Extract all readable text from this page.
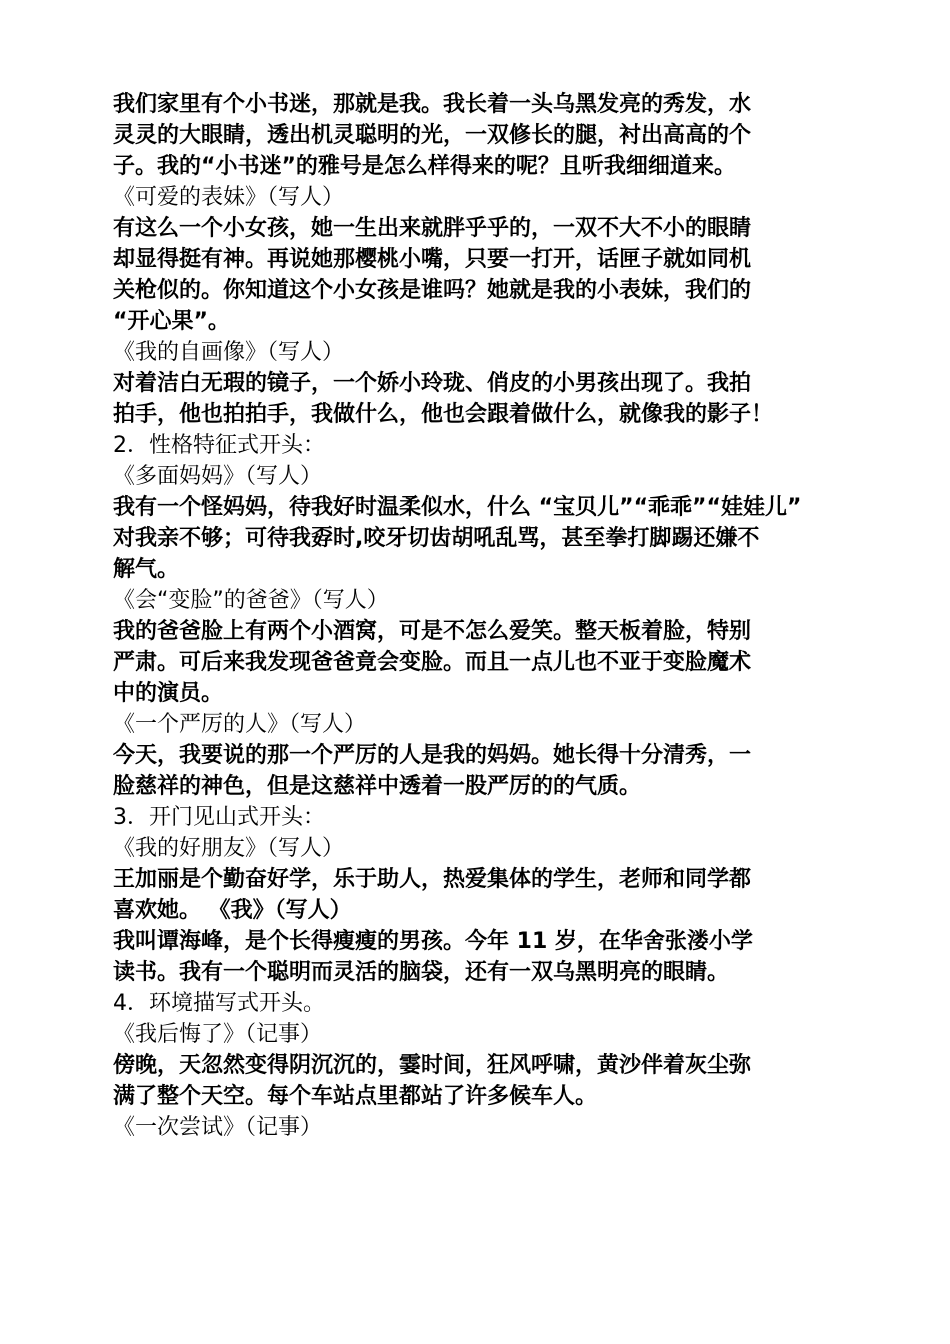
我们家里有个小书迷，那就是我。我长着一头乌黑发亮的秀发，水
灵灵的大眼睛，透出机灵聪明的光，一双修长的腿，衬出高高的个
子。我的“小书迷”的雅号是怎么样得来的呢？且听我细细道来。
《可爱的表妹》（写人）
有这么一个小女孩，她一生出来就胖乎乎的，一双不大不小的眼睛
却显得挺有神。再说她那樱桃小嘴，只要一打开，话匣子就如同机
关枪似的。你知道这个小女孩是谁吗？她就是我的小表妹，我们的
“开心果”。
《我的自画像》（写人）
对着洁白无瑕的镜子，一个娇小玲珑、俏皮的小男孩出现了。我拍
拍手，他也拍拍手，我做什么，他也会跟着做什么，就像我的影子！
2．性格特征式开头：
《多面妈妈》（写人）
我有一个怪妈妈，待我好时温柔似水，什么 “宝贝儿”“乖乖”“娃娃儿”
对我亲不够；可待我孬时,咬牙切齿胡吼乱骂，甚至拳打脚踢还嫌不
解气。
《会“变脸”的爸爸》（写人）
我的爸爸脸上有两个小酒窝，可是不怎么爱笑。整天板着脸，特别
严肃。可后来我发现爸爸竟会变脸。而且一点儿也不亚于变脸魔术
中的演员。
《一个严厉的人》（写人）
今天，我要说的那一个严厉的人是我的妈妈。她长得十分清秀，一
脸慈祥的神色，但是这慈祥中透着一股严厉的的气质。
3．开门见山式开头：
《我的好朋友》（写人）
王加丽是个勤奋好学，乐于助人，热爱集体的学生，老师和同学都
喜欢她。 《我》（写人）
我叫谭海峰，是个长得瘦瘦的男孩。今年 11 岁，在华舍张溇小学
读书。我有一个聪明而灵活的脑袋，还有一双乌黑明亮的眼睛。
4．环境描写式开头。
《我后悔了》（记事）
傍晚，天忽然变得阴沉沉的，霎时间，狂风呼啸，黄沙伴着灰尘弥
满了整个天空。每个车站点里都站了许多候车人。
《一次尝试》（记事）
